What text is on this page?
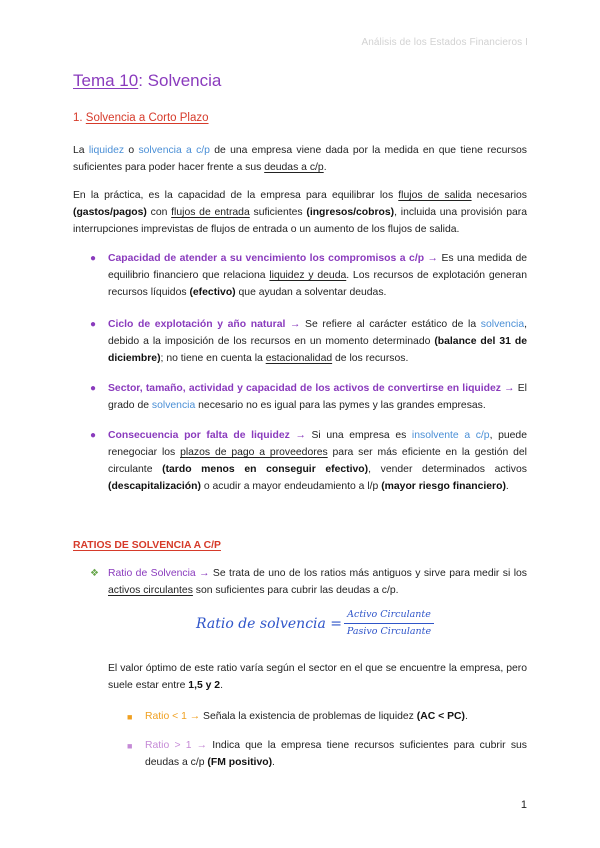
Análisis de los Estados Financieros I
Tema 10: Solvencia
1. Solvencia a Corto Plazo
La liquidez o solvencia a c/p de una empresa viene dada por la medida en que tiene recursos suficientes para poder hacer frente a sus deudas a c/p.
En la práctica, es la capacidad de la empresa para equilibrar los flujos de salida necesarios (gastos/pagos) con flujos de entrada suficientes (ingresos/cobros), incluida una provisión para interrupciones imprevistas de flujos de entrada o un aumento de los flujos de salida.
● Capacidad de atender a su vencimiento los compromisos a c/p → Es una medida de equilibrio financiero que relaciona liquidez y deuda. Los recursos de explotación generan recursos líquidos (efectivo) que ayudan a solventar deudas.
● Ciclo de explotación y año natural → Se refiere al carácter estático de la solvencia, debido a la imposición de los recursos en un momento determinado (balance del 31 de diciembre); no tiene en cuenta la estacionalidad de los recursos.
● Sector, tamaño, actividad y capacidad de los activos de convertirse en liquidez → El grado de solvencia necesario no es igual para las pymes y las grandes empresas.
● Consecuencia por falta de liquidez → Si una empresa es insolvente a c/p, puede renegociar los plazos de pago a proveedores para ser más eficiente en la gestión del circulante (tardo menos en conseguir efectivo), vender determinados activos (descapitalización) o acudir a mayor endeudamiento a l/p (mayor riesgo financiero).
RATIOS DE SOLVENCIA A C/P
❖ Ratio de Solvencia → Se trata de uno de los ratios más antiguos y sirve para medir si los activos circulantes son suficientes para cubrir las deudas a c/p.
Ratio de solvencia =
Activo Circulante
Pasivo Circulante
El valor óptimo de este ratio varía según el sector en el que se encuentre la empresa, pero suele estar entre 1,5 y 2.
■ Ratio < 1 → Señala la existencia de problemas de liquidez (AC < PC).
■ Ratio > 1 → Indica que la empresa tiene recursos suficientes para cubrir sus deudas a c/p (FM positivo).
1
